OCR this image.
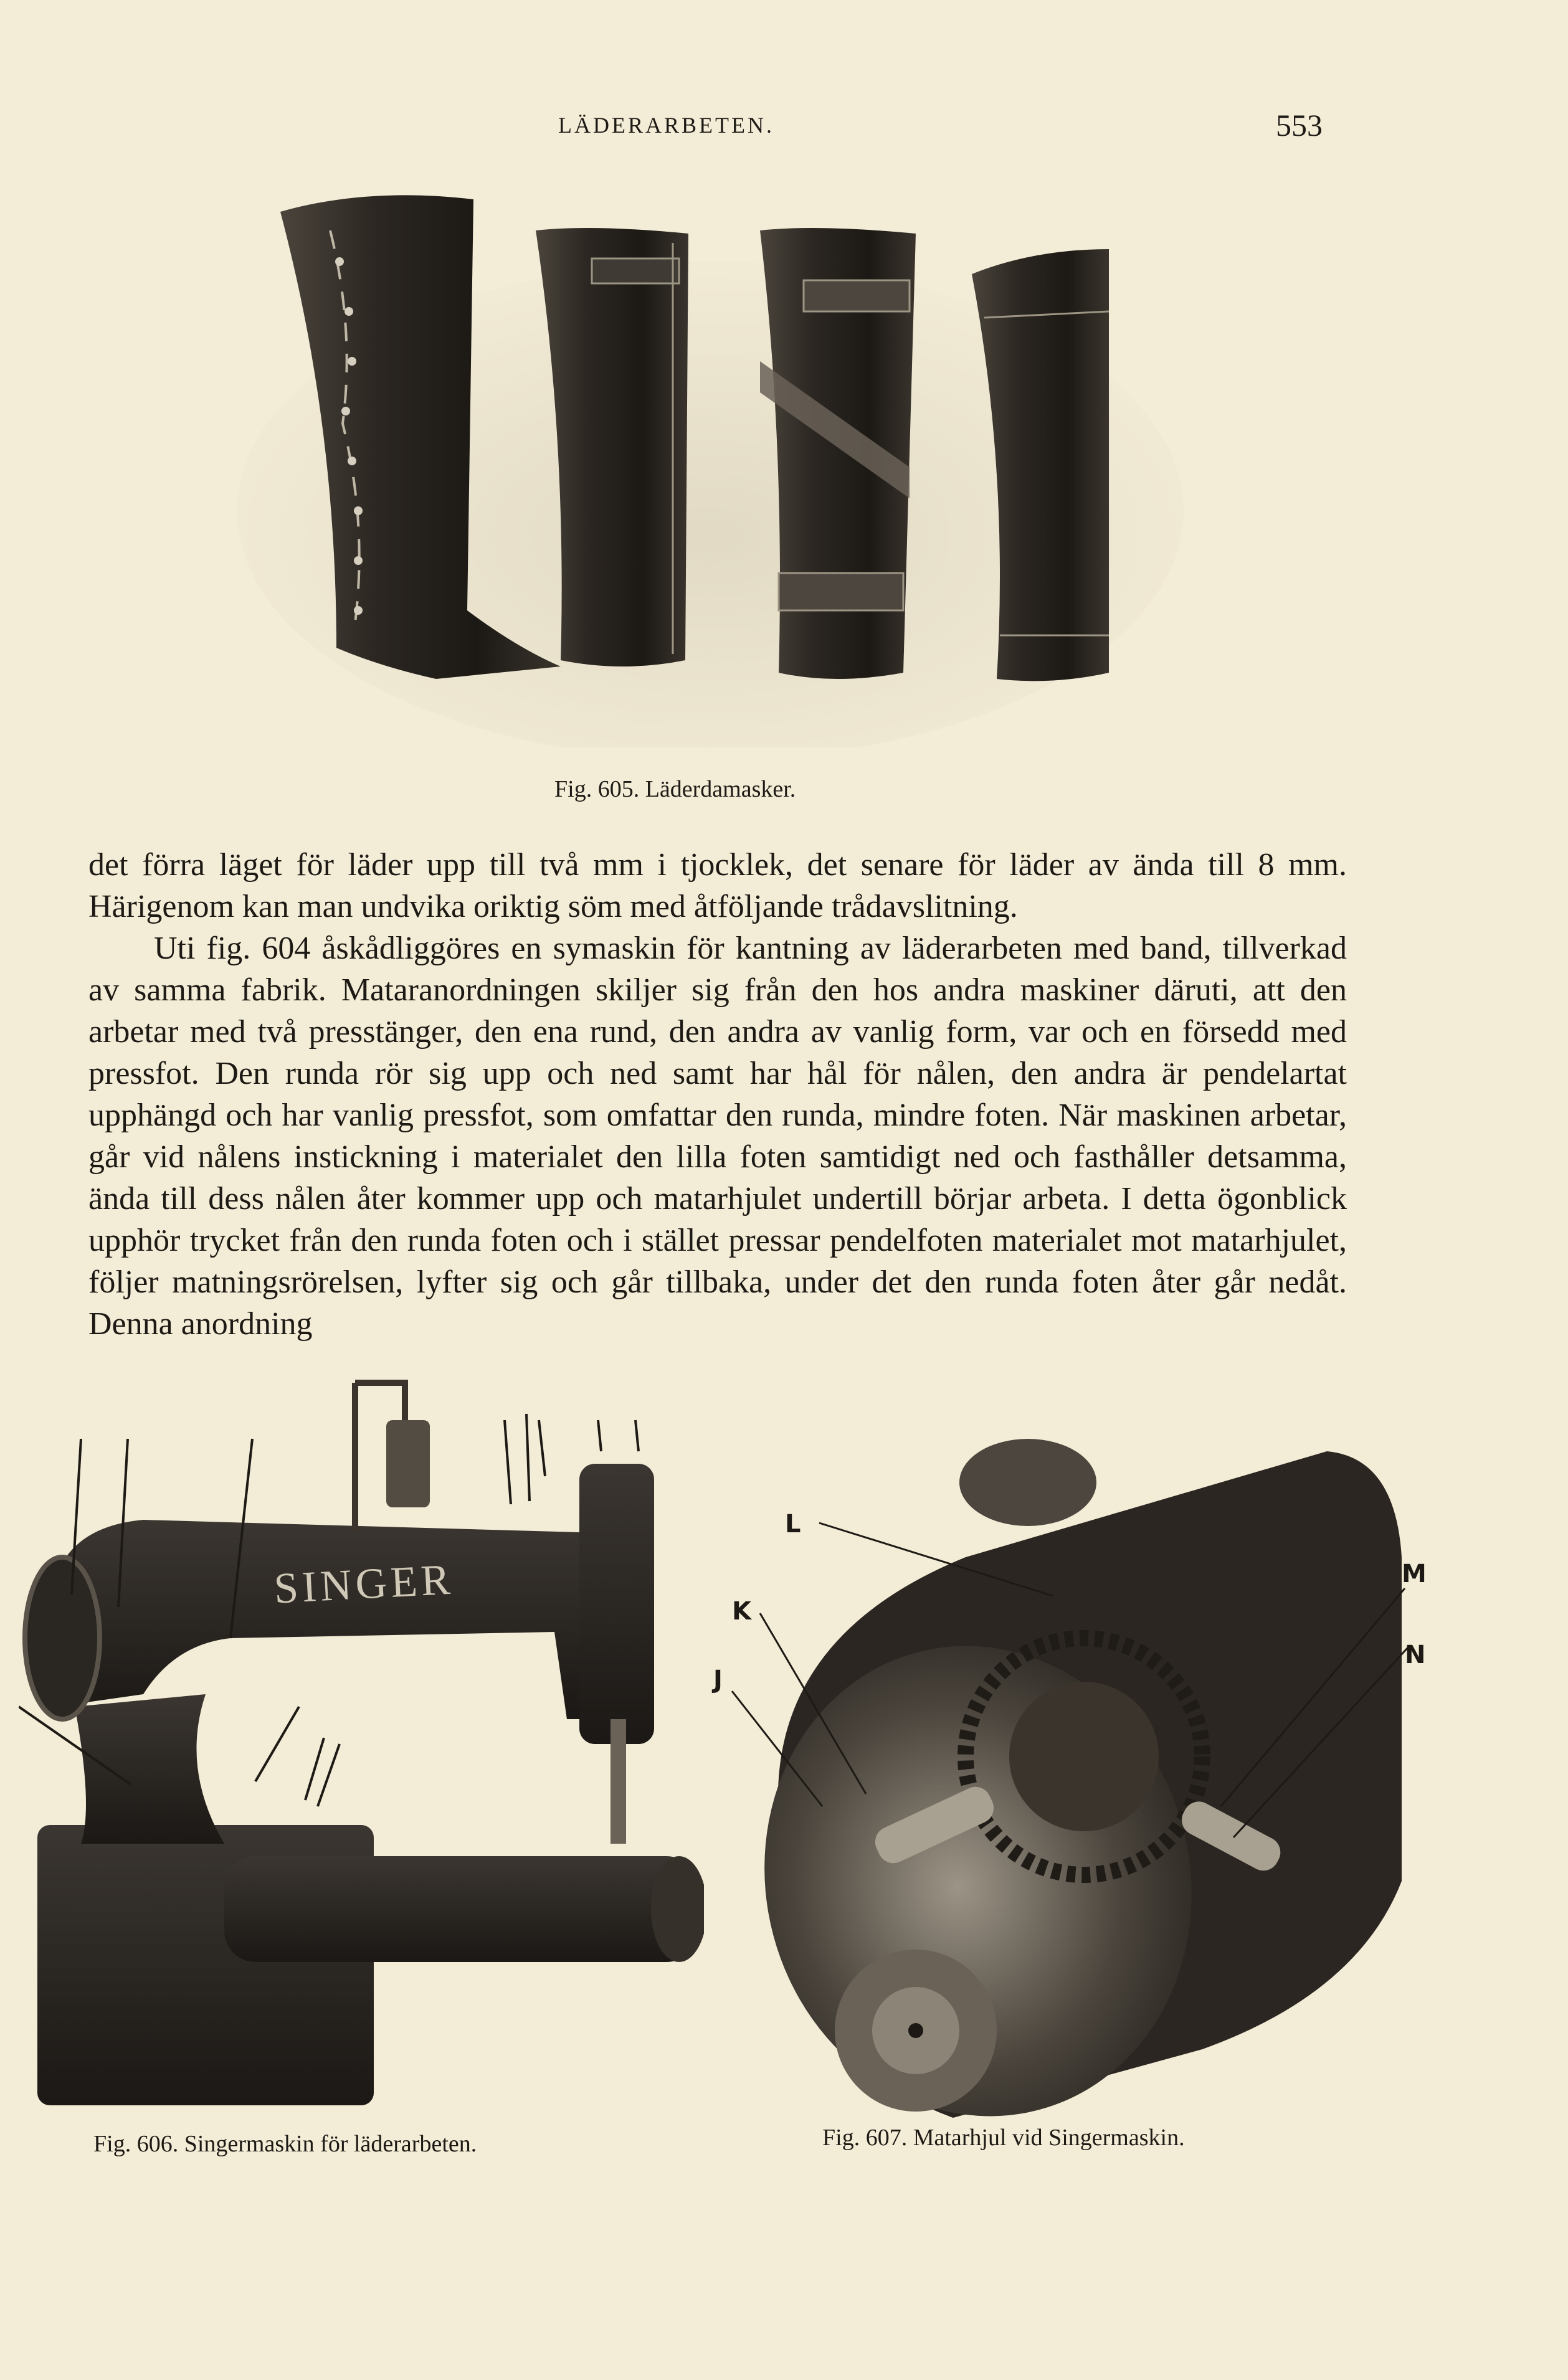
LÄDERARBETEN.	553
Fig. 605. Läderdamasker.

det förra läget för läder upp till två mm i tjocklek, det senare för läder av ända till 8 mm. Härigenom kan man undvika oriktig söm med åtföljande trådavslitning.

Uti fig. 604 åskådliggöres en symaskin för kantning av läderarbeten med band, tillverkad av samma fabrik. Mataranordningen skiljer sig från den hos andra maskiner däruti, att den arbetar med två presstänger, den ena rund, den andra av vanlig form, var och en försedd med pressfot. Den runda rör sig upp och ned samt har hål för nålen, den andra är pendelartat upphängd och har vanlig pressfot, som omfattar den runda, mindre foten. När maskinen arbetar, går vid nålens instickning i materialet den lilla foten samtidigt ned och fasthåller detsamma, ända till dess nålen åter kommer upp och matarhjulet undertill börjar arbeta. I detta ögonblick upphör trycket från den runda foten och i stället pressar pendelfoten materialet mot matarhjulet, följer matningsrörelsen, lyfter sig och går tillbaka, under det den runda foten åter går nedåt. Denna anordning

SINGER
Fig. 606. Singermaskin för läderarbeten.
L
K
J
M
N
Fig. 607. Matarhjul vid Singermaskin.
